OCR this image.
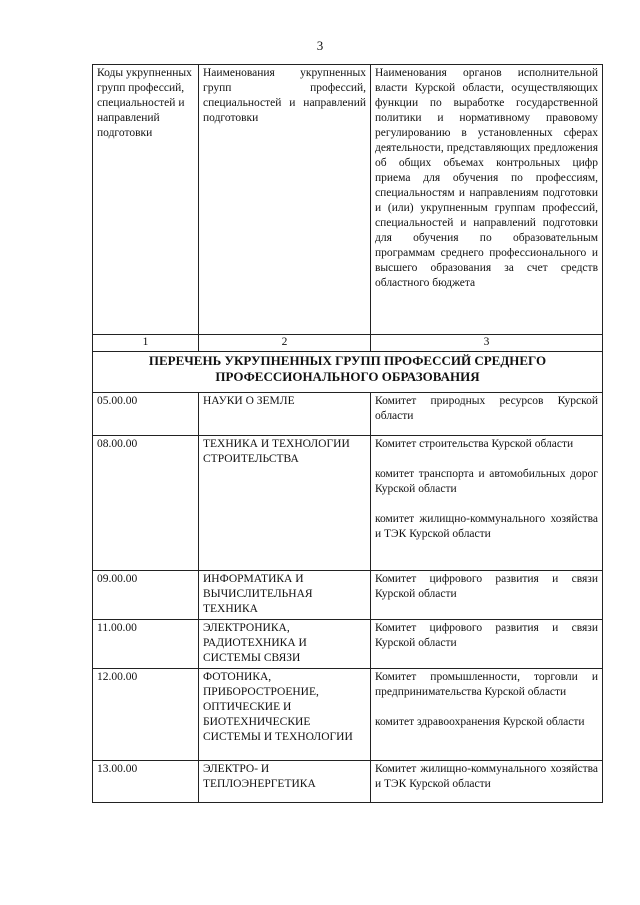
3
Коды укрупненных групп профессий, специальностей и направлений подготовки	Наименования укрупненных групп профессий, специальностей и направлений подготовки	Наименования органов исполнительной власти Курской области, осуществляющих функции по выработке государственной политики и нормативному правовому регулированию в установленных сферах деятельности, представляющих предложения об общих объемах контрольных цифр приема для обучения по профессиям, специальностям и направлениям подготовки и (или) укрупненным группам профессий, специальностей и направлений подготовки для обучения по образовательным программам среднего профессионального и высшего образования за счет средств областного бюджета
1	2	3

ПЕРЕЧЕНЬ УКРУПНЕННЫХ ГРУПП ПРОФЕССИЙ СРЕДНЕГО
ПРОФЕССИОНАЛЬНОГО ОБРАЗОВАНИЯ		

05.00.00	НАУКИ О ЗЕМЛЕ	Комитет природных ресурсов Курской области

08.00.00	ТЕХНИКА И ТЕХНОЛОГИИ СТРОИТЕЛЬСТВА	Комитет строительства Курской области
комитет транспорта и автомобильных дорог Курской области
комитет жилищно-коммунального хозяйства и ТЭК Курской области

09.00.00	ИНФОРМАТИКА И ВЫЧИСЛИТЕЛЬНАЯ ТЕХНИКА	Комитет цифрового развития и связи Курской области

11.00.00	ЭЛЕКТРОНИКА, РАДИОТЕХНИКА И СИСТЕМЫ СВЯЗИ	Комитет цифрового развития и связи Курской области

12.00.00	ФОТОНИКА, ПРИБОРОСТРОЕНИЕ, ОПТИЧЕСКИЕ И БИОТЕХНИЧЕСКИЕ СИСТЕМЫ И ТЕХНОЛОГИИ	Комитет промышленности, торговли и предпринимательства Курской области
комитет здравоохранения Курской области

13.00.00	ЭЛЕКТРО- И ТЕПЛОЭНЕРГЕТИКА	Комитет жилищно-коммунального хозяйства и ТЭК Курской области
